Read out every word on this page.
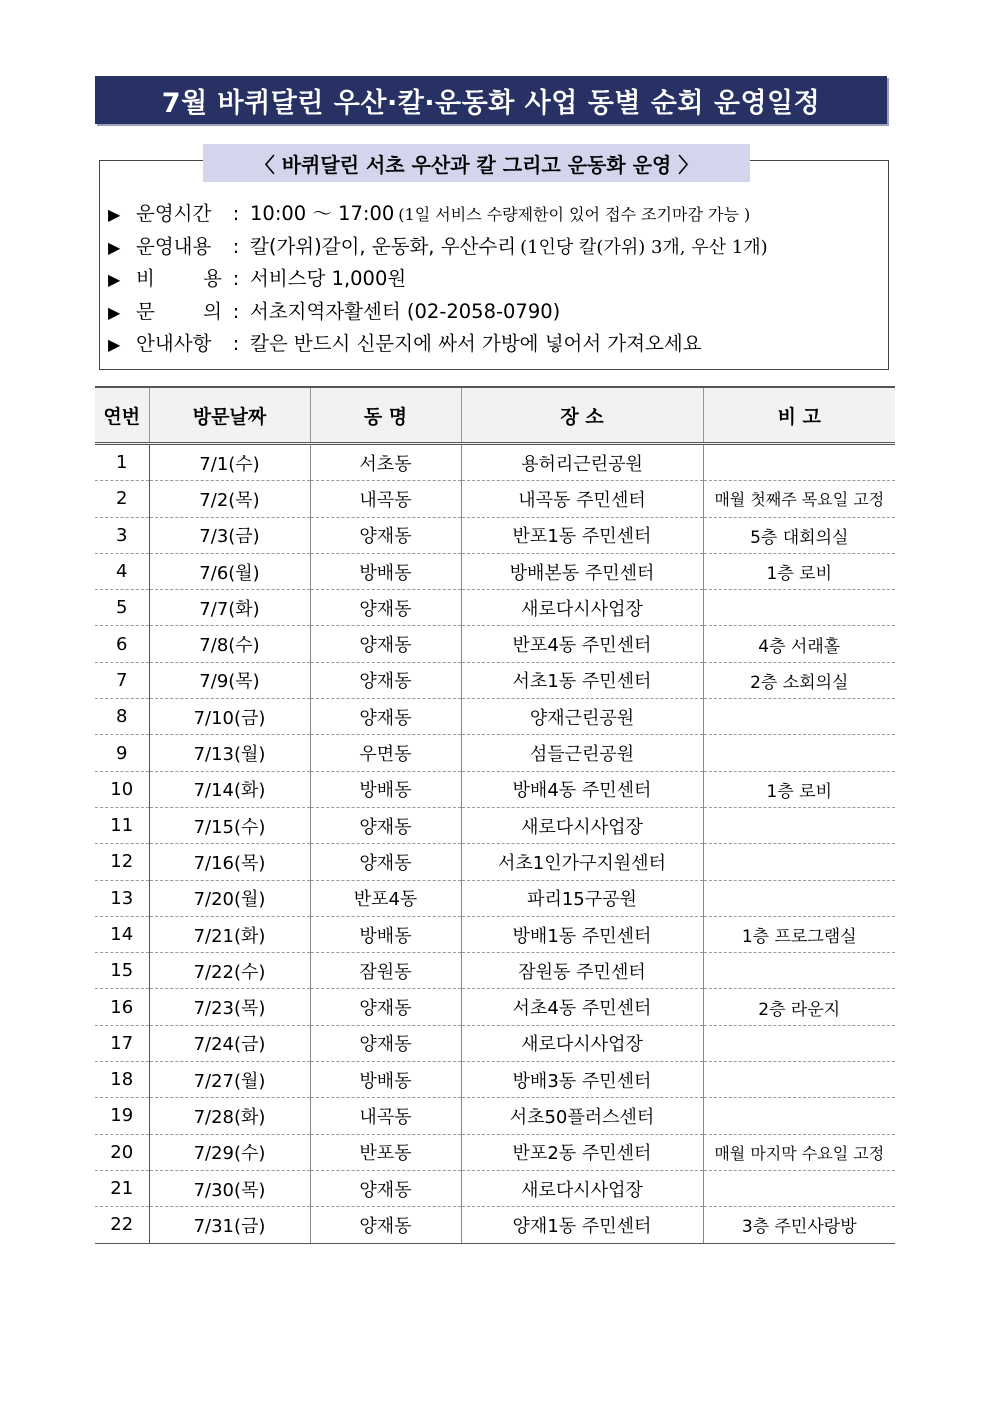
7월 바퀴달린 우산·칼·운동화 사업 동별 순회 운영일정
〈 바퀴달린 서초 우산과 칼 그리고 운동화 운영 〉
▶ 운영시간	: 10:00 ～ 17:00 (1일 서비스 수량제한이 있어 접수 조기마감 가능 )
▶ 운영내용	: 칼(가위)갈이, 운동화, 우산수리 (1인당 칼(가위) 3개, 우산 1개)
▶ 비 용 : 서비스당 1,000원
▶ 문 의 : 서초지역자활센터 (02-2058-0790)
▶ 안내사항	: 칼은 반드시 신문지에 싸서 가방에 넣어서 가져오세요
연번	방문날짜	동 명	장 소	비 고
1	7/1(수)	서초동	용허리근린공원	
2	7/2(목)	내곡동	내곡동 주민센터	매월 첫째주 목요일 고정
3	7/3(금)	양재동	반포1동 주민센터	5층 대회의실
4	7/6(월)	방배동	방배본동 주민센터	1층 로비
5	7/7(화)	양재동	새로다시사업장	
6	7/8(수)	양재동	반포4동 주민센터	4층 서래홀
7	7/9(목)	양재동	서초1동 주민센터	2층 소회의실
8	7/10(금)	양재동	양재근린공원	
9	7/13(월)	우면동	섬들근린공원	
10	7/14(화)	방배동	방배4동 주민센터	1층 로비
11	7/15(수)	양재동	새로다시사업장	
12	7/16(목)	양재동	서초1인가구지원센터	
13	7/20(월)	반포4동	파리15구공원	
14	7/21(화)	방배동	방배1동 주민센터	1층 프로그램실
15	7/22(수)	잠원동	잠원동 주민센터	
16	7/23(목)	양재동	서초4동 주민센터	2층 라운지
17	7/24(금)	양재동	새로다시사업장	
18	7/27(월)	방배동	방배3동 주민센터	
19	7/28(화)	내곡동	서초50플러스센터	
20	7/29(수)	반포동	반포2동 주민센터	매월 마지막 수요일 고정
21	7/30(목)	양재동	새로다시사업장	
22	7/31(금)	양재동	양재1동 주민센터	3층 주민사랑방
